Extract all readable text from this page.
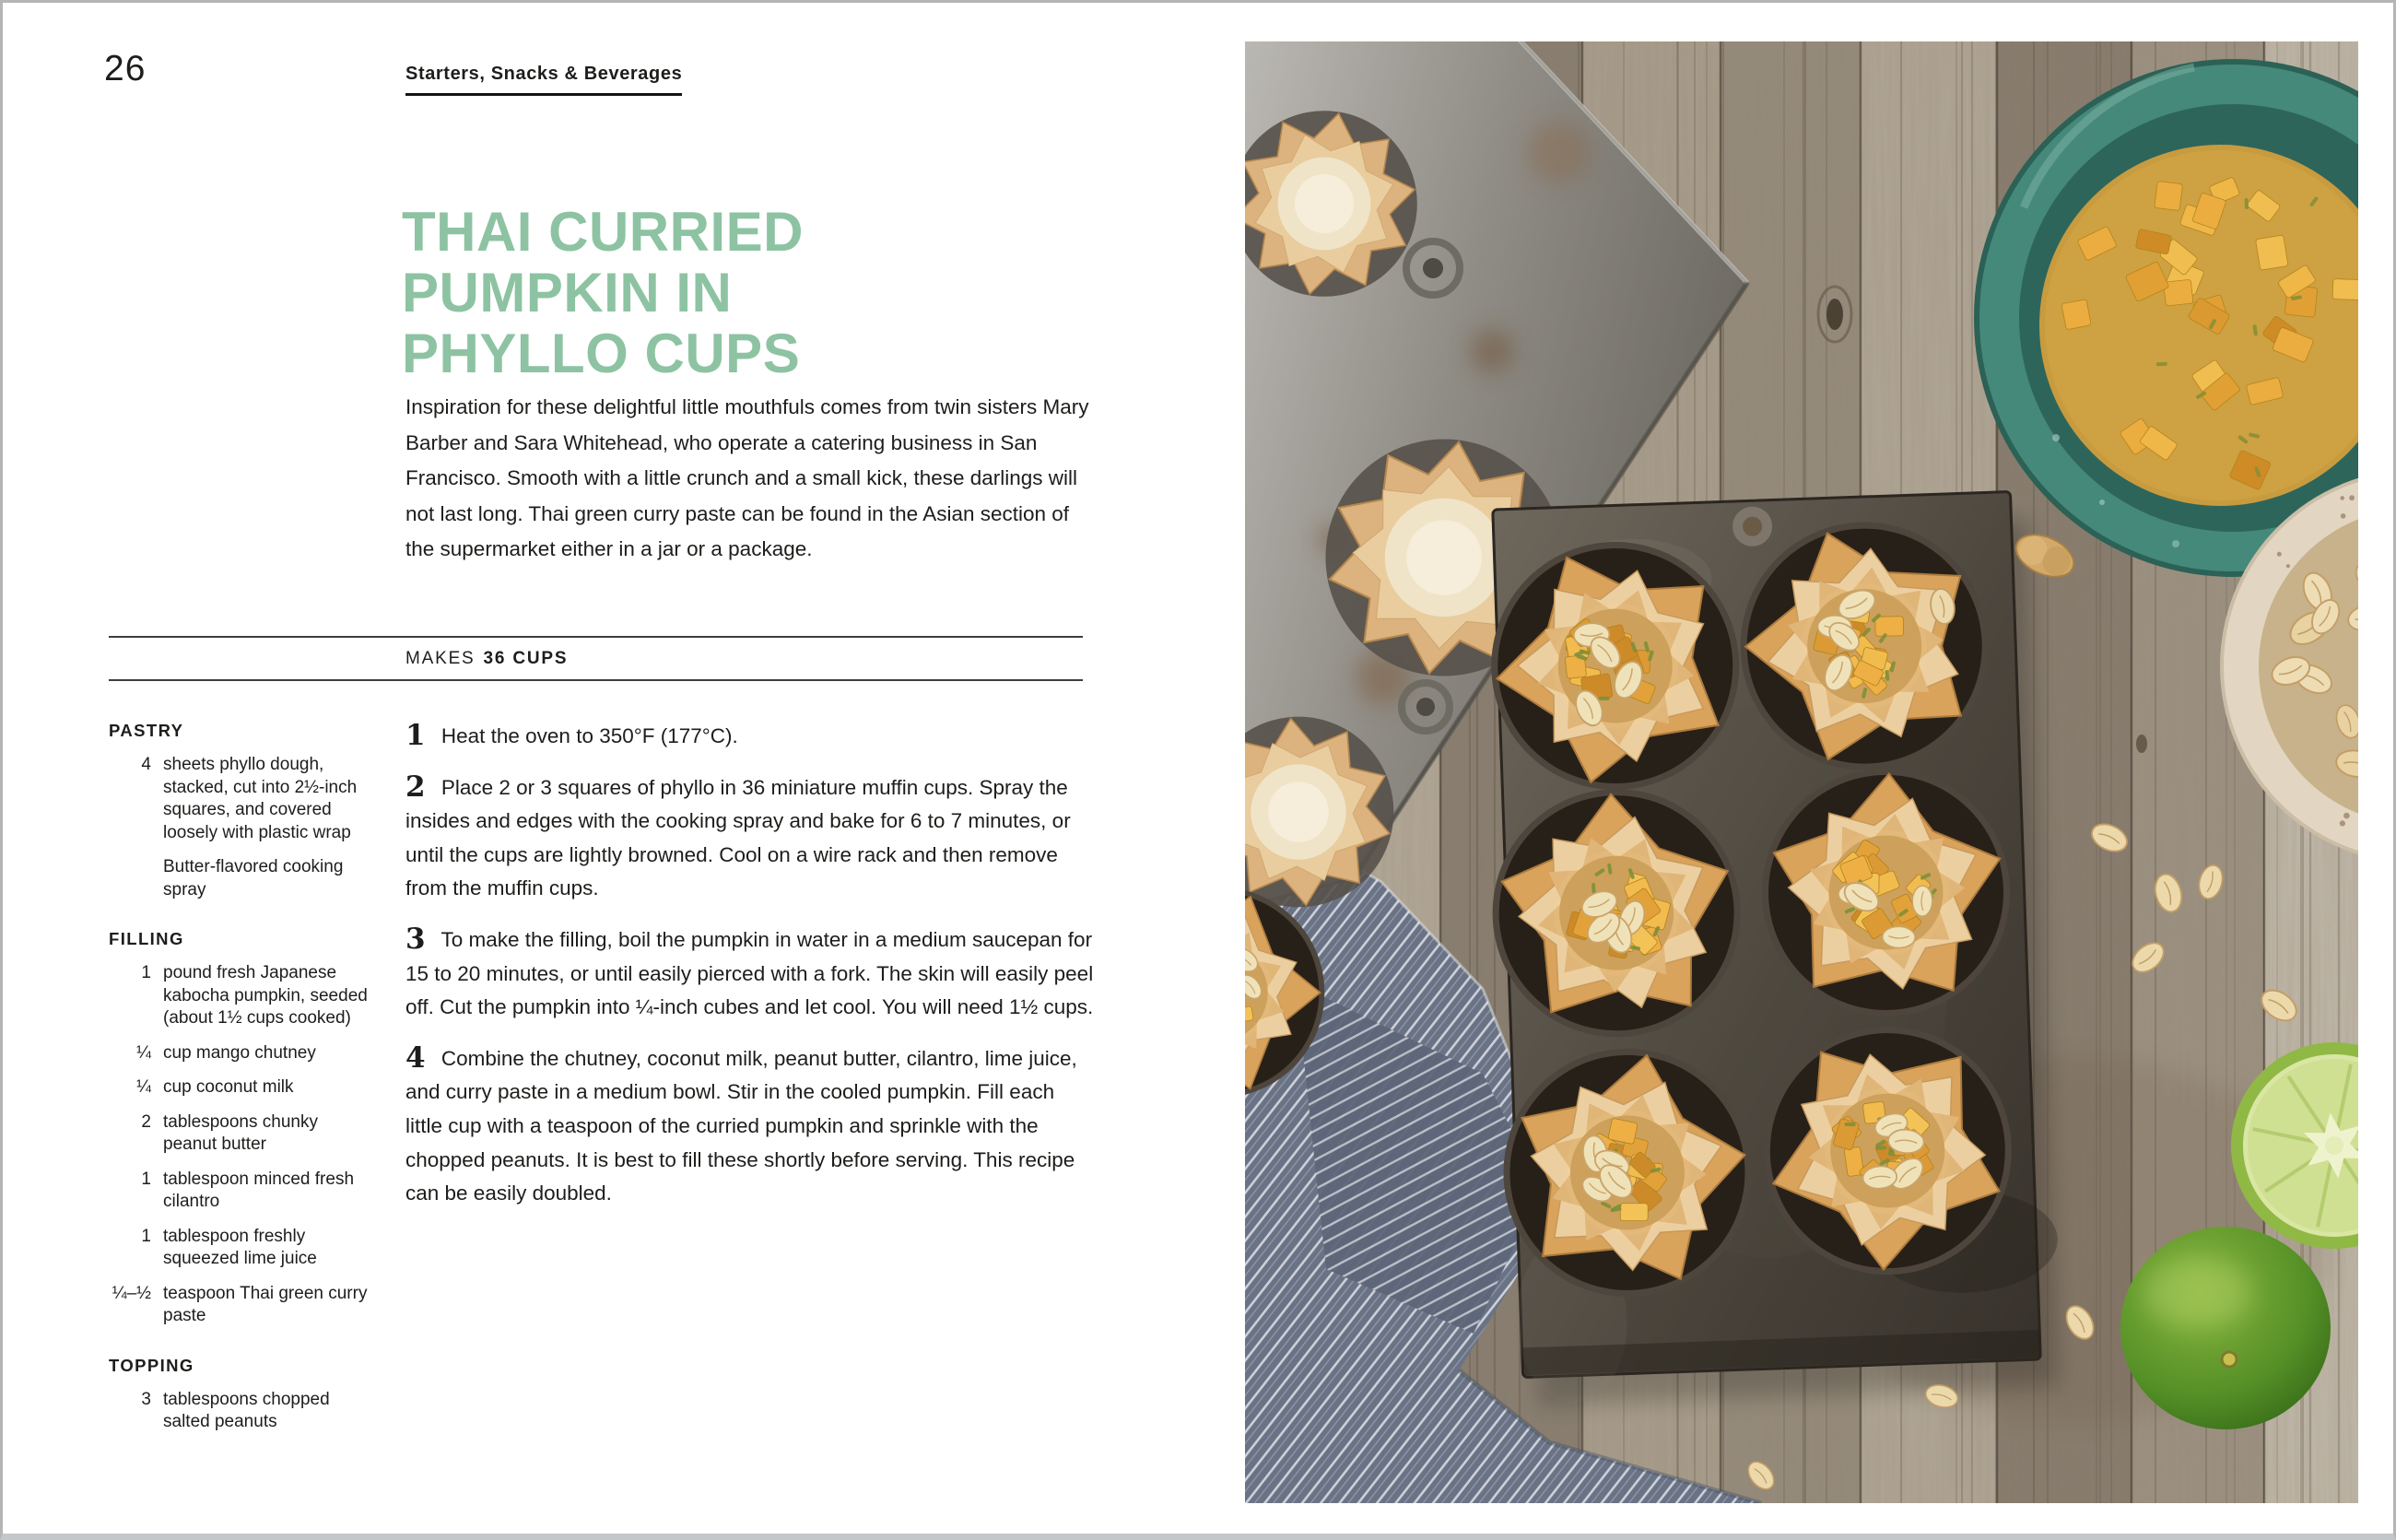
26	Starters, Snacks & Beverages
THAI CURRIED
PUMPKIN IN
PHYLLO CUPS

Inspiration for these delightful little mouthfuls comes from twin sisters Mary Barber and Sara Whitehead, who operate a catering business in San Francisco. Smooth with a little crunch and a small kick, these darlings will not last long. Thai green curry paste can be found in the Asian section of the supermarket either in a jar or a package.

MAKES 36 CUPS
PASTRY
4 sheets phyllo dough, stacked, cut into 2½-inch squares, and covered loosely with plastic wrap
Butter-flavored cooking spray
FILLING
1 pound fresh Japanese kabocha pumpkin, seeded (about 1½ cups cooked)
¼ cup mango chutney
¼ cup coconut milk
2 tablespoons chunky peanut butter
1 tablespoon minced fresh cilantro
1 tablespoon freshly squeezed lime juice
¼–½ teaspoon Thai green curry paste
TOPPING
3 tablespoons chopped salted peanuts

1 Heat the oven to 350°F (177°C).

2 Place 2 or 3 squares of phyllo in 36 miniature muffin cups. Spray the insides and edges with the cooking spray and bake for 6 to 7 minutes, or until the cups are lightly browned. Cool on a wire rack and then remove from the muffin cups.

3 To make the filling, boil the pumpkin in water in a medium saucepan for 15 to 20 minutes, or until easily pierced with a fork. The skin will easily peel off. Cut the pumpkin into ¼-inch cubes and let cool. You will need 1½ cups.

4 Combine the chutney, coconut milk, peanut butter, cilantro, lime juice, and curry paste in a medium bowl. Stir in the cooled pumpkin. Fill each little cup with a teaspoon of the curried pumpkin and sprinkle with the chopped peanuts. It is best to fill these shortly before serving. This recipe can be easily doubled.
